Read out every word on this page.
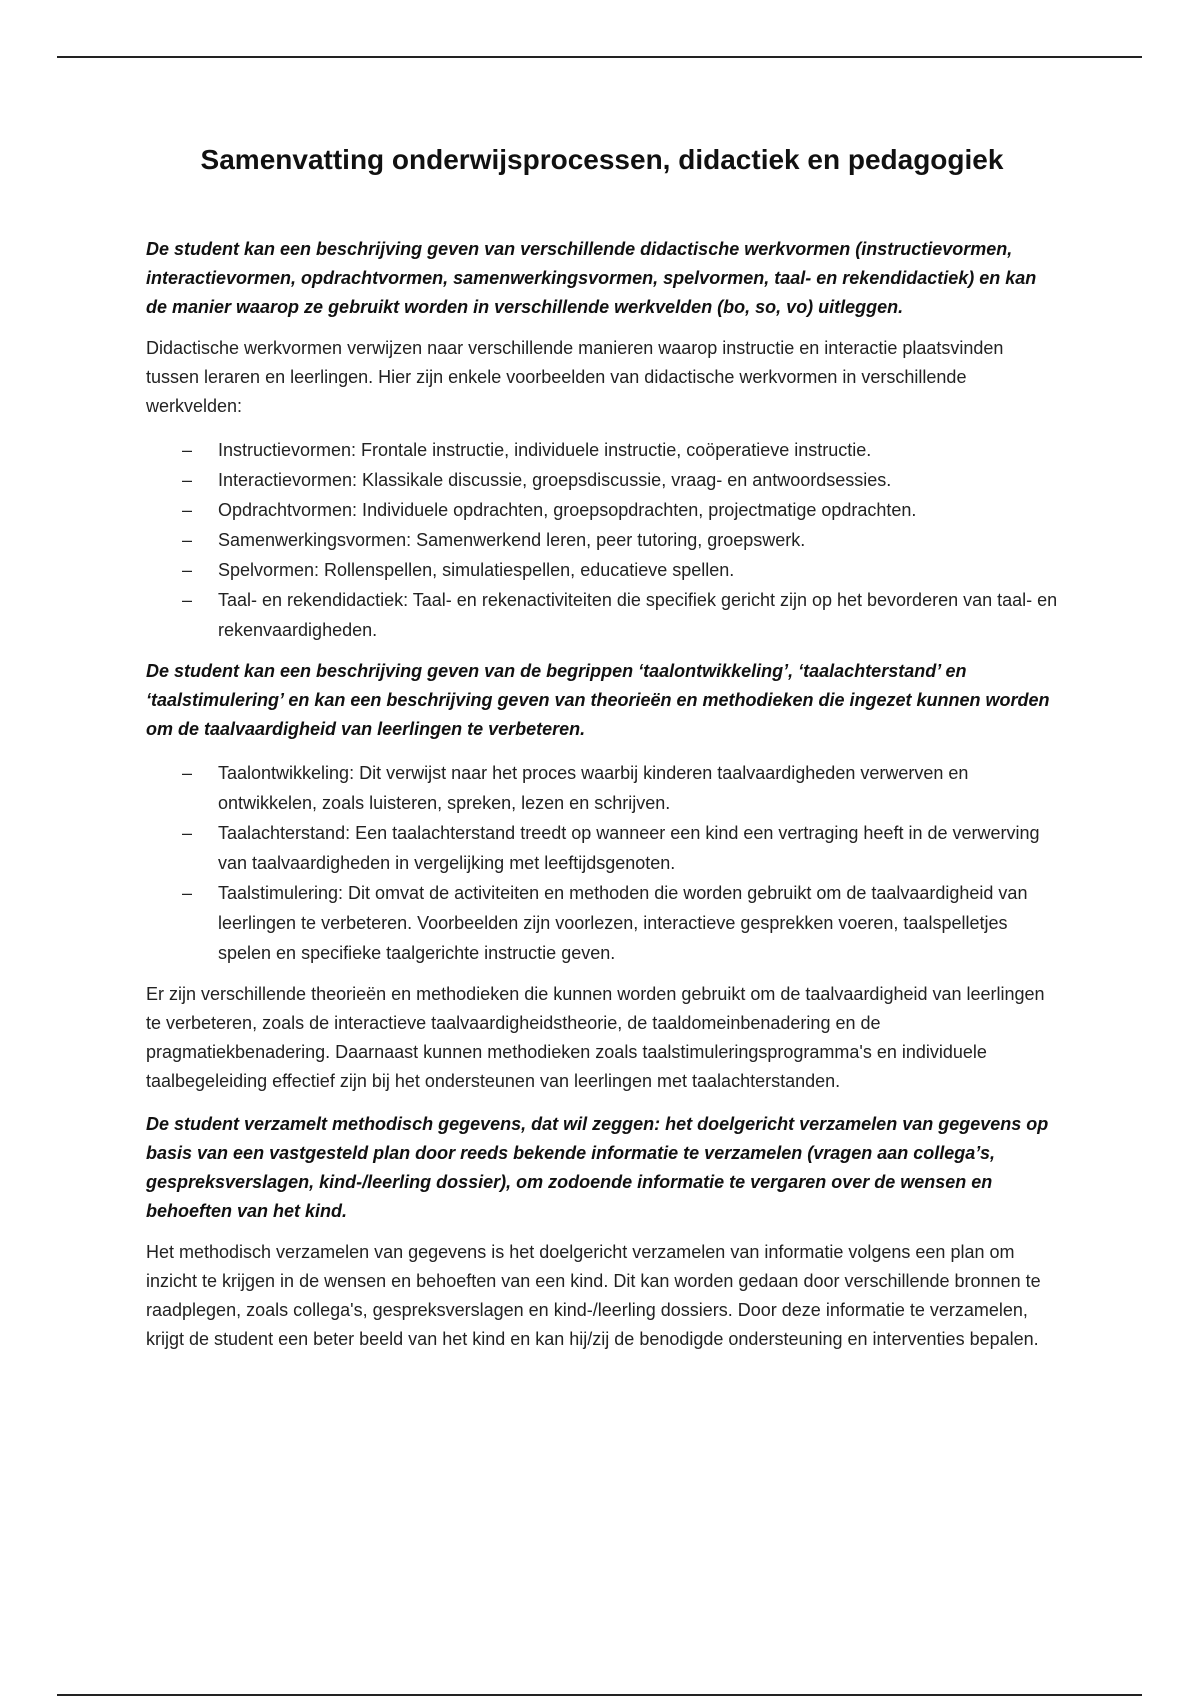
Samenvatting onderwijsprocessen, didactiek en pedagogiek

De student kan een beschrijving geven van verschillende didactische werkvormen (instructievormen, interactievormen, opdrachtvormen, samenwerkingsvormen, spelvormen, taal- en rekendidactiek) en kan de manier waarop ze gebruikt worden in verschillende werkvelden (bo, so, vo) uitleggen.

Didactische werkvormen verwijzen naar verschillende manieren waarop instructie en interactie plaatsvinden tussen leraren en leerlingen. Hier zijn enkele voorbeelden van didactische werkvormen in verschillende werkvelden:

– Instructievormen: Frontale instructie, individuele instructie, coöperatieve instructie.
– Interactievormen: Klassikale discussie, groepsdiscussie, vraag- en antwoordsessies.
– Opdrachtvormen: Individuele opdrachten, groepsopdrachten, projectmatige opdrachten.
– Samenwerkingsvormen: Samenwerkend leren, peer tutoring, groepswerk.
– Spelvormen: Rollenspellen, simulatiespellen, educatieve spellen.
– Taal- en rekendidactiek: Taal- en rekenactiviteiten die specifiek gericht zijn op het bevorderen van taal- en rekenvaardigheden.

De student kan een beschrijving geven van de begrippen ‘taalontwikkeling’, ‘taalachterstand’ en ‘taalstimulering’ en kan een beschrijving geven van theorieën en methodieken die ingezet kunnen worden om de taalvaardigheid van leerlingen te verbeteren.

– Taalontwikkeling: Dit verwijst naar het proces waarbij kinderen taalvaardigheden verwerven en ontwikkelen, zoals luisteren, spreken, lezen en schrijven.
– Taalachterstand: Een taalachterstand treedt op wanneer een kind een vertraging heeft in de verwerving van taalvaardigheden in vergelijking met leeftijdsgenoten.
– Taalstimulering: Dit omvat de activiteiten en methoden die worden gebruikt om de taalvaardigheid van leerlingen te verbeteren. Voorbeelden zijn voorlezen, interactieve gesprekken voeren, taalspelletjes spelen en specifieke taalgerichte instructie geven.

Er zijn verschillende theorieën en methodieken die kunnen worden gebruikt om de taalvaardigheid van leerlingen te verbeteren, zoals de interactieve taalvaardigheidstheorie, de taaldomeinbenadering en de pragmatiekbenadering. Daarnaast kunnen methodieken zoals taalstimuleringsprogramma's en individuele taalbegeleiding effectief zijn bij het ondersteunen van leerlingen met taalachterstanden.

De student verzamelt methodisch gegevens, dat wil zeggen: het doelgericht verzamelen van gegevens op basis van een vastgesteld plan door reeds bekende informatie te verzamelen (vragen aan collega’s, gespreksverslagen, kind-/leerling dossier), om zodoende informatie te vergaren over de wensen en behoeften van het kind.

Het methodisch verzamelen van gegevens is het doelgericht verzamelen van informatie volgens een plan om inzicht te krijgen in de wensen en behoeften van een kind. Dit kan worden gedaan door verschillende bronnen te raadplegen, zoals collega's, gespreksverslagen en kind-/leerling dossiers. Door deze informatie te verzamelen, krijgt de student een beter beeld van het kind en kan hij/zij de benodigde ondersteuning en interventies bepalen.
